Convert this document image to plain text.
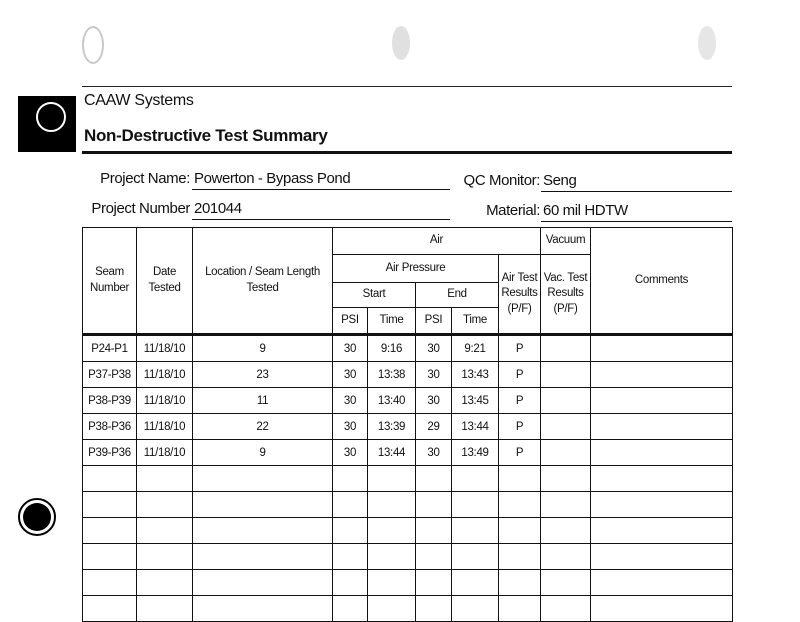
CAAW Systems
Non-Destructive Test Summary
Project Name: Powerton - Bypass Pond	QC Monitor: Seng
Project Number 201044	Material: 60 mil HDTW
Seam Number	Date Tested	Location / Seam Length Tested	Air					Vacuum	Comments
			Air Pressure				Air Test Results (P/F)	Vac. Test Results (P/F)	
			Start		End				
			PSI	Time	PSI	Time			
P24-P1	11/18/10	9	30	9:16	30	9:21	P		
P37-P38	11/18/10	23	30	13:38	30	13:43	P		
P38-P39	11/18/10	11	30	13:40	30	13:45	P		
P38-P36	11/18/10	22	30	13:39	29	13:44	P		
P39-P36	11/18/10	9	30	13:44	30	13:49	P		
